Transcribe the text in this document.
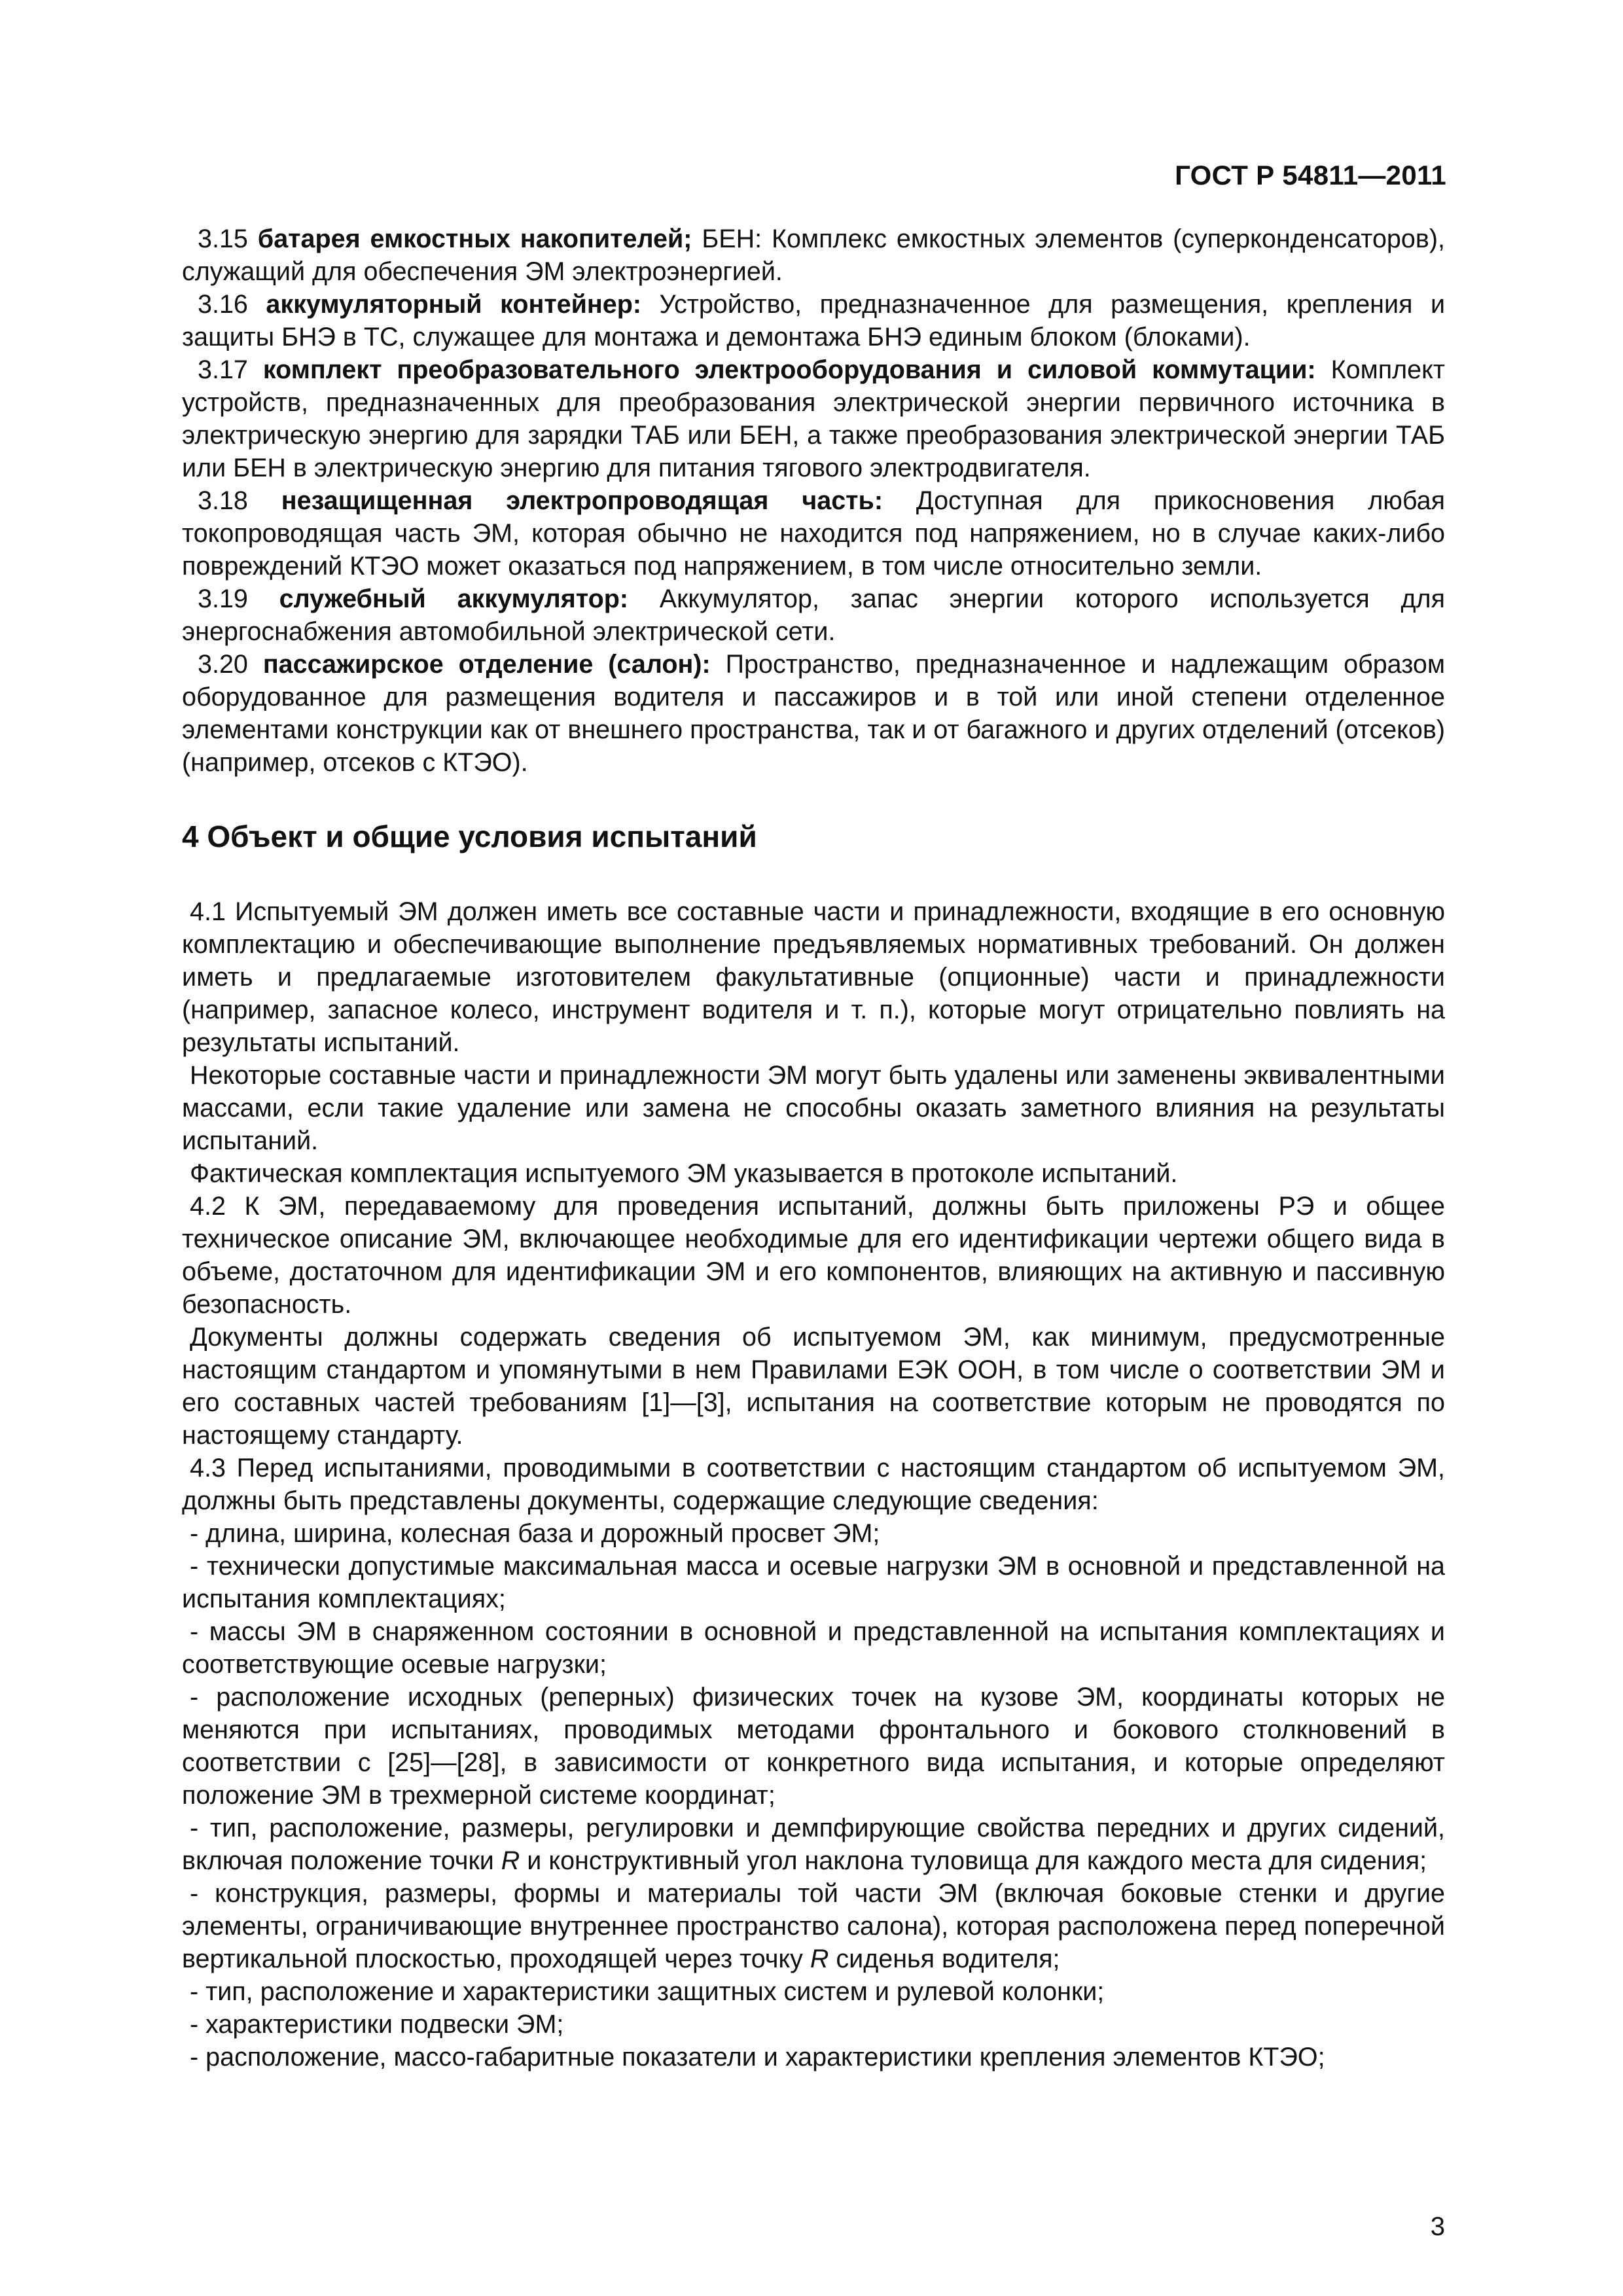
ГОСТ Р 54811—2011

3.15 батарея емкостных накопителей; БЕН: Комплекс емкостных элементов (суперконденсаторов), служащий для обеспечения ЭМ электроэнергией.

3.16 аккумуляторный контейнер: Устройство, предназначенное для размещения, крепления и защиты БНЭ в ТС, служащее для монтажа и демонтажа БНЭ единым блоком (блоками).

3.17 комплект преобразовательного электрооборудования и силовой коммутации: Комплект устройств, предназначенных для преобразования электрической энергии первичного источника в электрическую энергию для зарядки ТАБ или БЕН, а также преобразования электрической энергии ТАБ или БЕН в электрическую энергию для питания тягового электродвигателя.

3.18 незащищенная электропроводящая часть: Доступная для прикосновения любая токопроводящая часть ЭМ, которая обычно не находится под напряжением, но в случае каких-либо повреждений КТЭО может оказаться под напряжением, в том числе относительно земли.

3.19 служебный аккумулятор: Аккумулятор, запас энергии которого используется для энергоснабжения автомобильной электрической сети.

3.20 пассажирское отделение (салон): Пространство, предназначенное и надлежащим образом оборудованное для размещения водителя и пассажиров и в той или иной степени отделенное элементами конструкции как от внешнего пространства, так и от багажного и других отделений (отсеков) (например, отсеков с КТЭО).

4 Объект и общие условия испытаний

4.1 Испытуемый ЭМ должен иметь все составные части и принадлежности, входящие в его основную комплектацию и обеспечивающие выполнение предъявляемых нормативных требований. Он должен иметь и предлагаемые изготовителем факультативные (опционные) части и принадлежности (например, запасное колесо, инструмент водителя и т. п.), которые могут отрицательно повлиять на результаты испытаний.

Некоторые составные части и принадлежности ЭМ могут быть удалены или заменены эквивалентными массами, если такие удаление или замена не способны оказать заметного влияния на результаты испытаний.

Фактическая комплектация испытуемого ЭМ указывается в протоколе испытаний.

4.2 К ЭМ, передаваемому для проведения испытаний, должны быть приложены РЭ и общее техническое описание ЭМ, включающее необходимые для его идентификации чертежи общего вида в объеме, достаточном для идентификации ЭМ и его компонентов, влияющих на активную и пассивную безопасность.

Документы должны содержать сведения об испытуемом ЭМ, как минимум, предусмотренные настоящим стандартом и упомянутыми в нем Правилами ЕЭК ООН, в том числе о соответствии ЭМ и его составных частей требованиям [1]—[3], испытания на соответствие которым не проводятся по настоящему стандарту.

4.3 Перед испытаниями, проводимыми в соответствии с настоящим стандартом об испытуемом ЭМ, должны быть представлены документы, содержащие следующие сведения:

- длина, ширина, колесная база и дорожный просвет ЭМ;

- технически допустимые максимальная масса и осевые нагрузки ЭМ в основной и представленной на испытания комплектациях;

- массы ЭМ в снаряженном состоянии в основной и представленной на испытания комплектациях и соответствующие осевые нагрузки;

- расположение исходных (реперных) физических точек на кузове ЭМ, координаты которых не меняются при испытаниях, проводимых методами фронтального и бокового столкновений в соответствии с [25]—[28], в зависимости от конкретного вида испытания, и которые определяют положение ЭМ в трехмерной системе координат;

- тип, расположение, размеры, регулировки и демпфирующие свойства передних и других сидений, включая положение точки R и конструктивный угол наклона туловища для каждого места для сидения;

- конструкция, размеры, формы и материалы той части ЭМ (включая боковые стенки и другие элементы, ограничивающие внутреннее пространство салона), которая расположена перед поперечной вертикальной плоскостью, проходящей через точку R сиденья водителя;

- тип, расположение и характеристики защитных систем и рулевой колонки;

- характеристики подвески ЭМ;

- расположение, массо-габаритные показатели и характеристики крепления элементов КТЭО;

3
